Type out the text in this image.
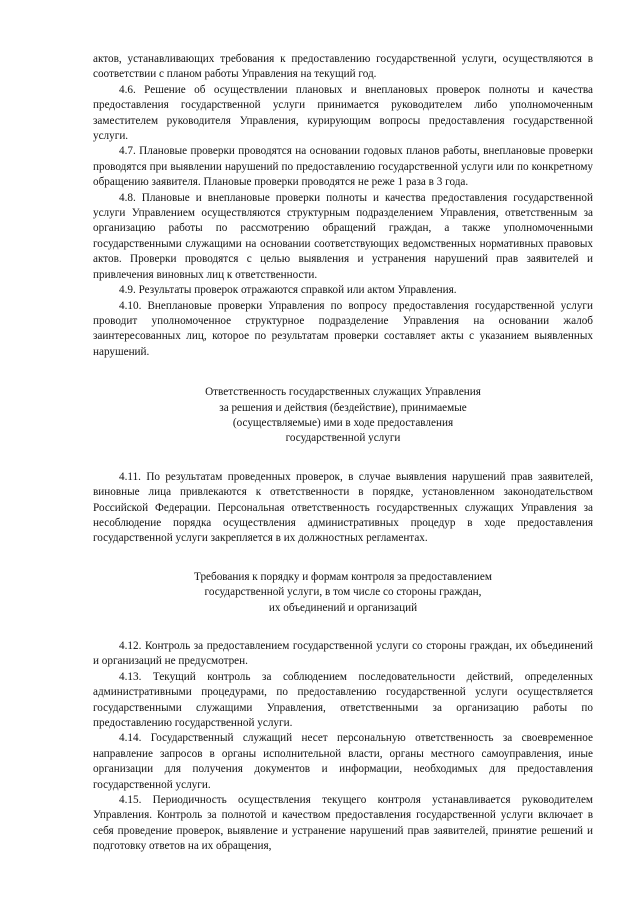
актов, устанавливающих требования к предоставлению государственной услуги, осуществляются в соответствии с планом работы Управления на текущий год.

4.6. Решение об осуществлении плановых и внеплановых проверок полноты и качества предоставления государственной услуги принимается руководителем либо уполномоченным заместителем руководителя Управления, курирующим вопросы предоставления государственной услуги.

4.7. Плановые проверки проводятся на основании годовых планов работы, внеплановые проверки проводятся при выявлении нарушений по предоставлению государственной услуги или по конкретному обращению заявителя. Плановые проверки проводятся не реже 1 раза в 3 года.

4.8. Плановые и внеплановые проверки полноты и качества предоставления государственной услуги Управлением осуществляются структурным подразделением Управления, ответственным за организацию работы по рассмотрению обращений граждан, а также уполномоченными государственными служащими на основании соответствующих ведомственных нормативных правовых актов. Проверки проводятся с целью выявления и устранения нарушений прав заявителей и привлечения виновных лиц к ответственности.

4.9. Результаты проверок отражаются справкой или актом Управления.

4.10. Внеплановые проверки Управления по вопросу предоставления государственной услуги проводит уполномоченное структурное подразделение Управления на основании жалоб заинтересованных лиц, которое по результатам проверки составляет акты с указанием выявленных нарушений.

Ответственность государственных служащих Управления

за решения и действия (бездействие), принимаемые

(осуществляемые) ими в ходе предоставления

государственной услуги

4.11. По результатам проведенных проверок, в случае выявления нарушений прав заявителей, виновные лица привлекаются к ответственности в порядке, установленном законодательством Российской Федерации. Персональная ответственность государственных служащих Управления за несоблюдение порядка осуществления административных процедур в ходе предоставления государственной услуги закрепляется в их должностных регламентах.

Требования к порядку и формам контроля за предоставлением

государственной услуги, в том числе со стороны граждан,

их объединений и организаций

4.12. Контроль за предоставлением государственной услуги со стороны граждан, их объединений и организаций не предусмотрен.

4.13. Текущий контроль за соблюдением последовательности действий, определенных административными процедурами, по предоставлению государственной услуги осуществляется государственными служащими Управления, ответственными за организацию работы по предоставлению государственной услуги.

4.14. Государственный служащий несет персональную ответственность за своевременное направление запросов в органы исполнительной власти, органы местного самоуправления, иные организации для получения документов и информации, необходимых для предоставления государственной услуги.

4.15. Периодичность осуществления текущего контроля устанавливается руководителем Управления. Контроль за полнотой и качеством предоставления государственной услуги включает в себя проведение проверок, выявление и устранение нарушений прав заявителей, принятие решений и подготовку ответов на их обращения,
